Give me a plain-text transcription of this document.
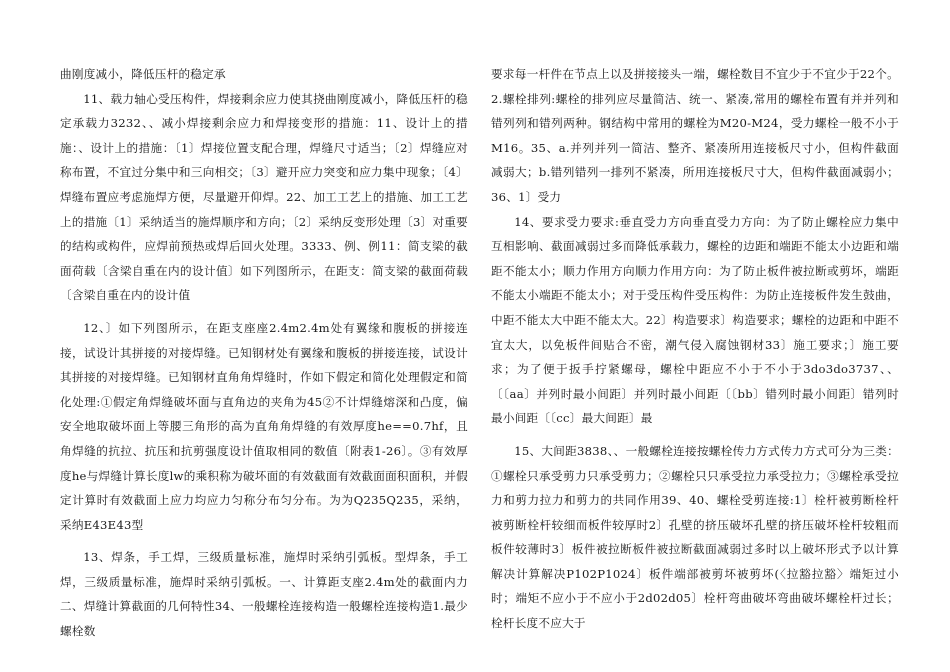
曲刚度减小，降低压杆的稳定承

11、载力轴心受压构件，焊接剩余应力使其挠曲刚度减小，降低压杆的稳定承载力3232、、减小焊接剩余应力和焊接变形的措施：11、设计上的措施：、设计上的措施：〔1〕焊接位置支配合理，焊缝尺寸适当；〔2〕焊缝应对称布置，不宜过分集中和三向相交；〔3〕避开应力突变和应力集中现象；〔4〕焊缝布置应考虑施焊方便，尽量避开仰焊。22、加工工艺上的措施、加工工艺上的措施〔1〕采纳适当的施焊顺序和方向；〔2〕采纳反变形处理〔3〕对重要的结构或构件，应焊前预热或焊后回火处理。3333、例、例11：简支梁的截面荷载〔含梁自重在内的设计值〕如下列图所示，在距支：简支梁的截面荷载〔含梁自重在内的设计值

12、〕如下列图所示，在距支座座2.4m2.4m处有翼缘和腹板的拼接连接，试设计其拼接的对接焊缝。已知钢材处有翼缘和腹板的拼接连接，试设计其拼接的对接焊缝。已知钢材直角角焊缝时，作如下假定和简化处理假定和简化处理:①假定角焊缝破坏面与直角边的夹角为45②不计焊缝熔深和凸度，偏安全地取破坏面上等腰三角形的高为直角角焊缝的有效厚度he==0.7hf，且角焊缝的抗拉、抗压和抗剪强度设计值取相同的数值〔附表1-26〕。③有效厚度he与焊缝计算长度lw的乘积称为破坏面的有效截面有效截面面积面积，并假定计算时有效截面上应力均应力匀称分布匀分布。为为Q235Q235，采纳，采纳E43E43型

13、焊条，手工焊，三级质量标准，施焊时采纳引弧板。型焊条，手工焊，三级质量标准，施焊时采纳引弧板。一、计算距支座2.4m处的截面内力二、焊缝计算截面的几何特性34、一般螺栓连接构造一般螺栓连接构造1.最少螺栓数

要求每一杆件在节点上以及拼接接头一端，螺栓数目不宜少于不宜少于22个。2.螺栓排列:螺栓的排列应尽量简洁、统一、紧凑,常用的螺栓布置有并并列和错列列和错列两种。钢结构中常用的螺栓为M20-M24，受力螺栓一般不小于M16。35、a.并列并列一简洁、整齐、紧凑所用连接板尺寸小，但构件截面减弱大；b.错列错列一排列不紧凑，所用连接板尺寸大，但构件截面减弱小；36、1〕受力

14、要求受力要求:垂直受力方向垂直受力方向：为了防止螺栓应力集中互相影响、截面减弱过多而降低承载力，螺栓的边距和端距不能太小边距和端距不能太小；顺力作用方向顺力作用方向：为了防止板件被拉断或剪坏，端距不能太小端距不能太小；对于受压构件受压构件：为防止连接板件发生鼓曲，中距不能太大中距不能太大。22〕构造要求〕构造要求；螺栓的边距和中距不宜太大，以免板件间贴合不密，潮气侵入腐蚀钢材33〕施工要求；〕施工要求；为了便于扳手拧紧螺母，螺栓中距应不小于不小于3do3do3737、、〔〔aa〕并列时最小间距〕并列时最小间距〔〔bb〕错列时最小间距〕错列时最小间距〔〔cc〕最大间距〕最

15、大间距3838、、一般螺栓连接按螺栓传力方式传力方式可分为三类：①螺栓只承受剪力只承受剪力；②螺栓只只承受拉力承受拉力；③螺栓承受拉力和剪力拉力和剪力的共同作用39、40、螺栓受剪连接:1〕栓杆被剪断栓杆被剪断栓杆较细而板件较厚时2〕孔壁的挤压破坏孔壁的挤压破坏栓杆较粗而板件较薄时3〕板件被拉断板件被拉断截面减弱过多时以上破坏形式予以计算解决计算解决P102P1024〕板件端部被剪坏被剪坏(〈拉豁拉豁〉端矩过小时；端矩不应小于不应小于2d02d05〕栓杆弯曲破坏弯曲破坏螺栓杆过长；栓杆长度不应大于
